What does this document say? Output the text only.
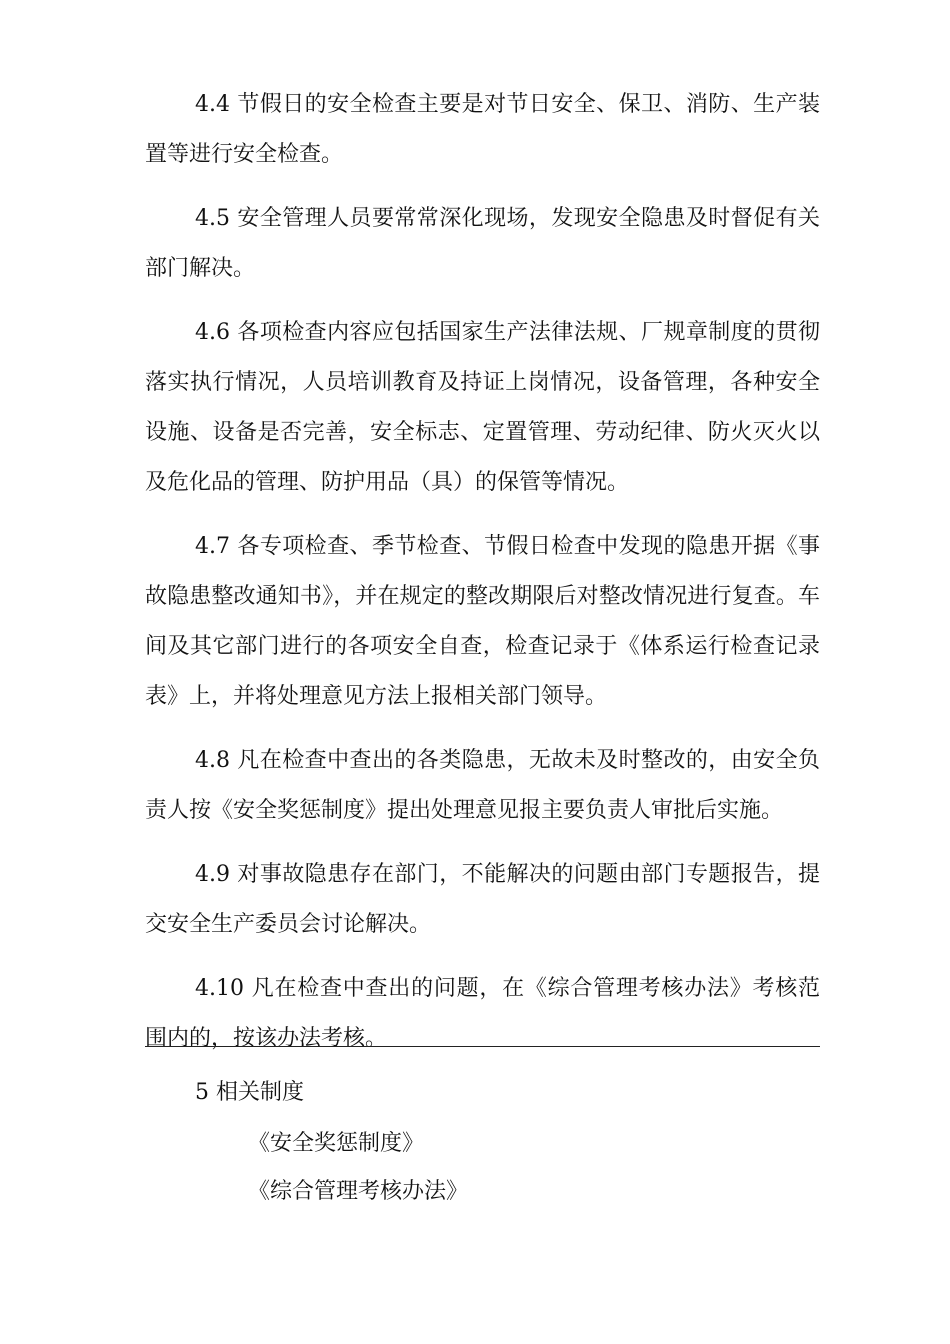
4.4 节假日的安全检查主要是对节日安全、保卫、消防、生产装置等进行安全检查。

4.5 安全管理人员要常常深化现场，发现安全隐患及时督促有关部门解决。

4.6 各项检查内容应包括国家生产法律法规、厂规章制度的贯彻落实执行情况，人员培训教育及持证上岗情况，设备管理，各种安全设施、设备是否完善，安全标志、定置管理、劳动纪律、防火灭火以及危化品的管理、防护用品（具）的保管等情况。

4.7 各专项检查、季节检查、节假日检查中发现的隐患开据《事故隐患整改通知书》，并在规定的整改期限后对整改情况进行复查。车间及其它部门进行的各项安全自查，检查记录于《体系运行检查记录表》上，并将处理意见方法上报相关部门领导。

4.8 凡在检查中查出的各类隐患，无故未及时整改的，由安全负责人按《安全奖惩制度》提出处理意见报主要负责人审批后实施。

4.9 对事故隐患存在部门，不能解决的问题由部门专题报告，提交安全生产委员会讨论解决。

4.10 凡在检查中查出的问题，在《综合管理考核办法》考核范围内的，按该办法考核。

5 相关制度

《安全奖惩制度》

《综合管理考核办法》
